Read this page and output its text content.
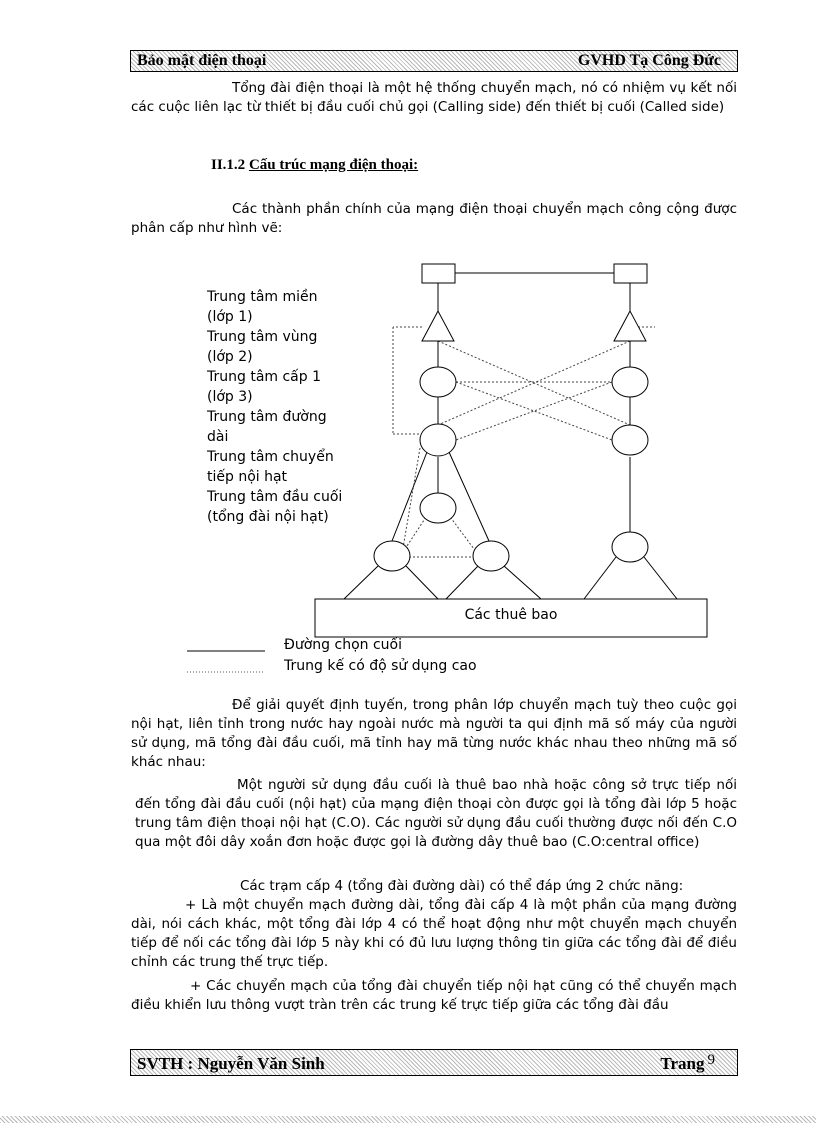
Bảo mật điện thoại	GVHD Tạ Công Đức
Tổng đài điện thoại là một hệ thống chuyển mạch, nó có nhiệm vụ kết nối các cuộc liên lạc từ thiết bị đầu cuối chủ gọi (Calling side) đến thiết bị cuối (Called side)
II.1.2 Cấu trúc mạng điện thoại:
Các thành phần chính của mạng điện thoại chuyển mạch công cộng được phân cấp như hình vẽ:
Trung tâm miền
(lớp 1)
Trung tâm vùng
(lớp 2)
Trung tâm cấp 1
(lớp 3)
Trung tâm đường
dài
Trung tâm chuyển
tiếp nội hạt
Trung tâm đầu cuối
(tổng đài nội hạt)
Các thuê bao
Đường chọn cuối
Trung kế có độ sử dụng cao
Để giải quyết định tuyến, trong phân lớp chuyển mạch tuỳ theo cuộc gọi nội hạt, liên tỉnh trong nước hay ngoài nước mà người ta qui định mã số máy của người sử dụng, mã tổng đài đầu cuối, mã tỉnh hay mã từng nước khác nhau theo những mã số khác nhau:
Một người sử dụng đầu cuối là thuê bao nhà hoặc công sở trực tiếp nối đến tổng đài đầu cuối (nội hạt) của mạng điện thoại còn được gọi là tổng đài lớp 5 hoặc trung tâm điện thoại nội hạt (C.O). Các người sử dụng đầu cuối thường được nối đến C.O qua một đôi dây xoắn đơn hoặc được gọi là đường dây thuê bao (C.O:central office)
Các trạm cấp 4 (tổng đài đường dài) có thể đáp ứng 2 chức năng:
+ Là một chuyển mạch đường dài, tổng đài cấp 4 là một phần của mạng đường dài, nói cách khác, một tổng đài lớp 4 có thể hoạt động như một chuyển mạch chuyển tiếp để nối các tổng đài lớp 5 này khi có đủ lưu lượng thông tin giữa các tổng đài để điều chỉnh các trung thế trực tiếp.
+ Các chuyển mạch của tổng đài chuyển tiếp nội hạt cũng có thể chuyển mạch điều khiển lưu thông vượt tràn trên các trung kế trực tiếp giữa các tổng đài đầu
SVTH : Nguyễn Văn Sinh	Trang 9
